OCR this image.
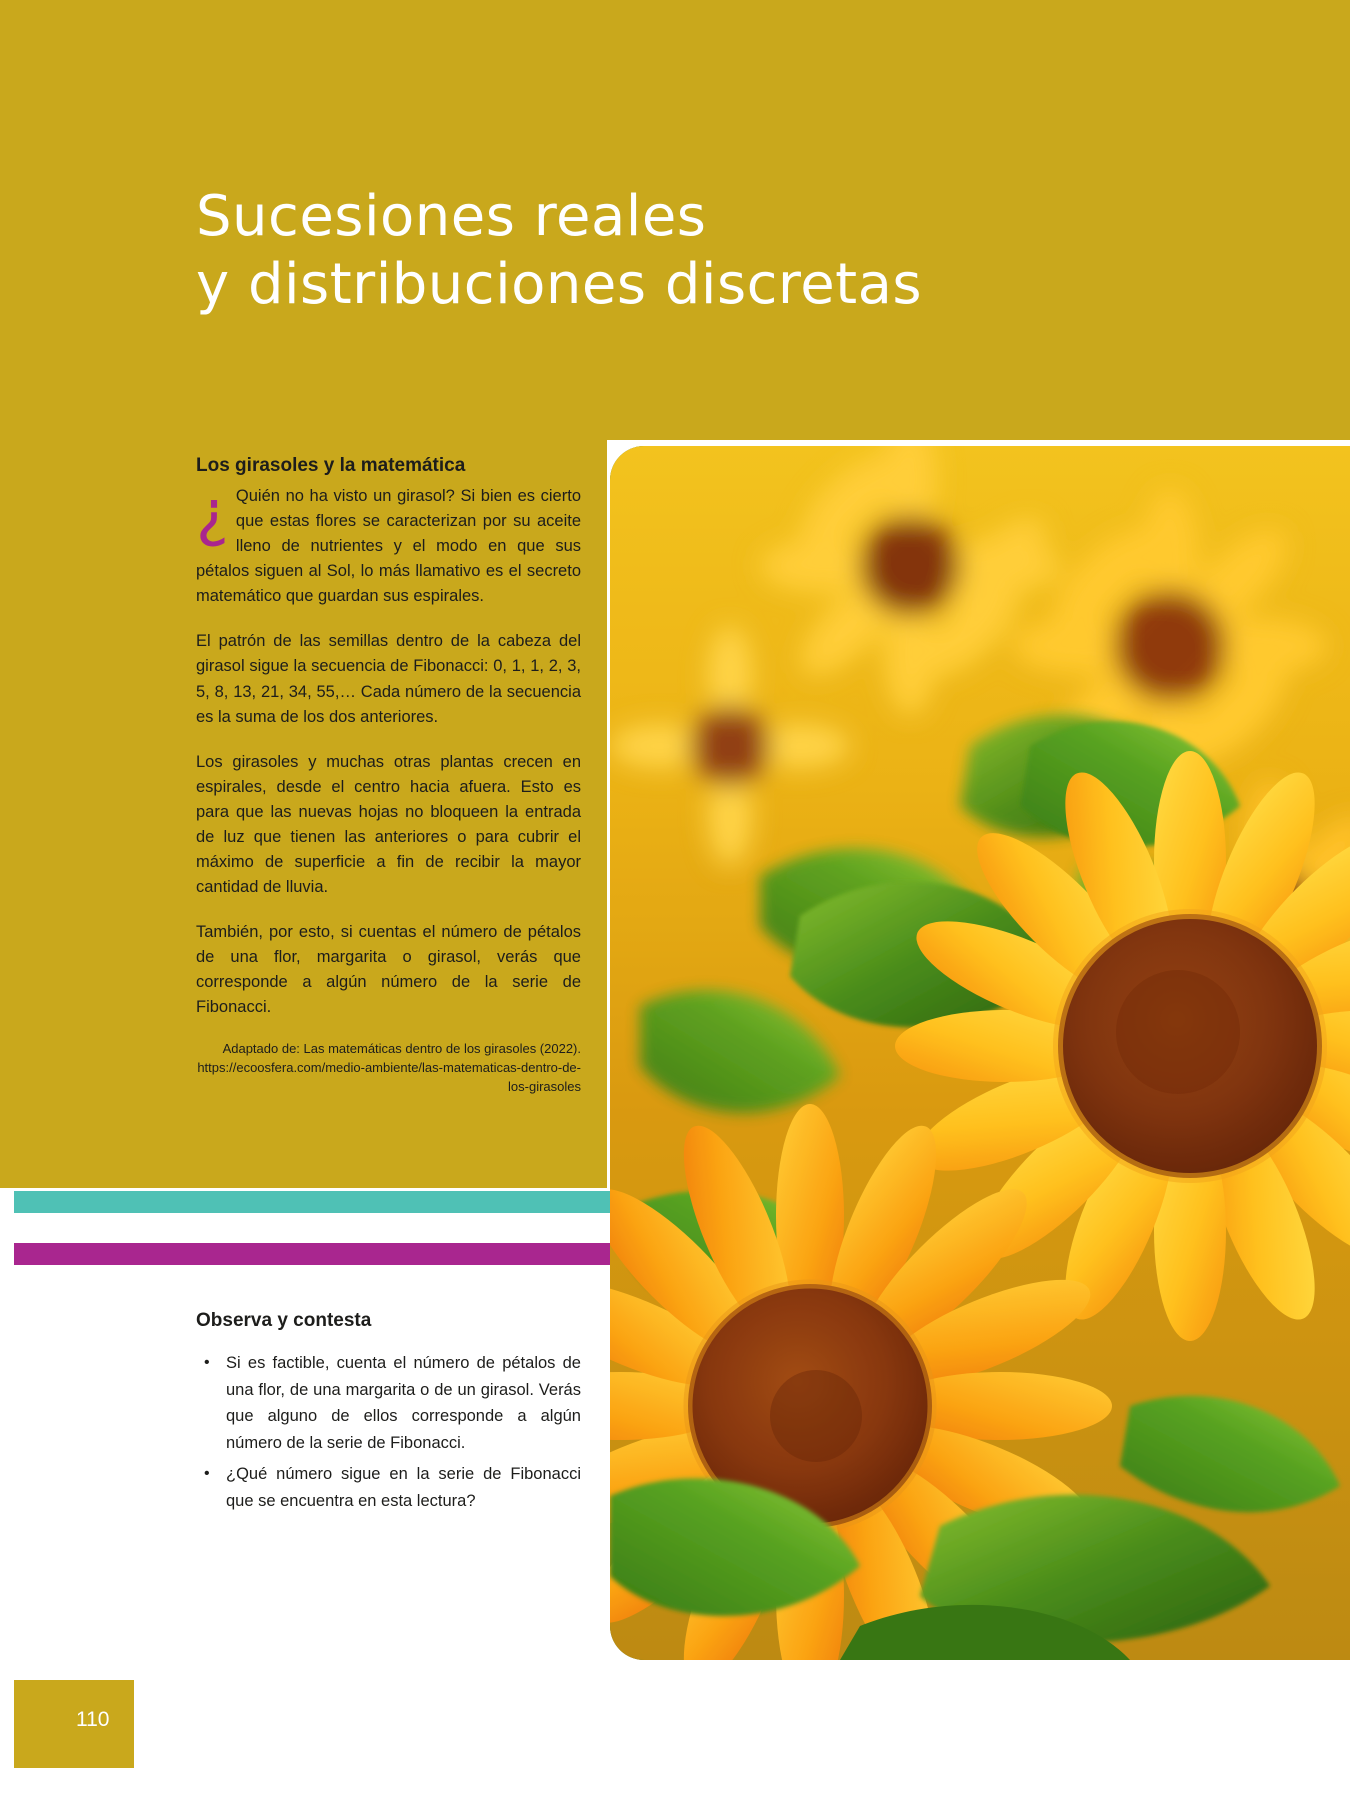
Sucesiones reales
y distribuciones discretas
Los girasoles y la matemática

¿ Quién no ha visto un girasol? Si bien es cierto que estas flores se caracterizan por su aceite lleno de nutrientes y el modo en que sus pétalos siguen al Sol, lo más llamativo es el secreto matemático que guardan sus espirales.

El patrón de las semillas dentro de la cabeza del girasol sigue la secuencia de Fibonacci: 0, 1, 1, 2, 3, 5, 8, 13, 21, 34, 55,… Cada número de la secuencia es la suma de los dos anteriores.

Los girasoles y muchas otras plantas crecen en espirales, desde el centro hacia afuera. Esto es para que las nuevas hojas no bloqueen la entrada de luz que tienen las anteriores o para cubrir el máximo de superficie a fin de recibir la mayor cantidad de lluvia.

También, por esto, si cuentas el número de pétalos de una flor, margarita o girasol, verás que corresponde a algún número de la serie de Fibonacci.

Adaptado de: Las matemáticas dentro de los girasoles (2022). https://ecoosfera.com/medio-ambiente/las-matematicas-dentro-de-los-girasoles
Observa y contesta
• Si es factible, cuenta el número de pétalos de una flor, de una margarita o de un girasol. Verás que alguno de ellos corresponde a algún número de la serie de Fibonacci.
• ¿Qué número sigue en la serie de Fibonacci que se encuentra en esta lectura?
110
